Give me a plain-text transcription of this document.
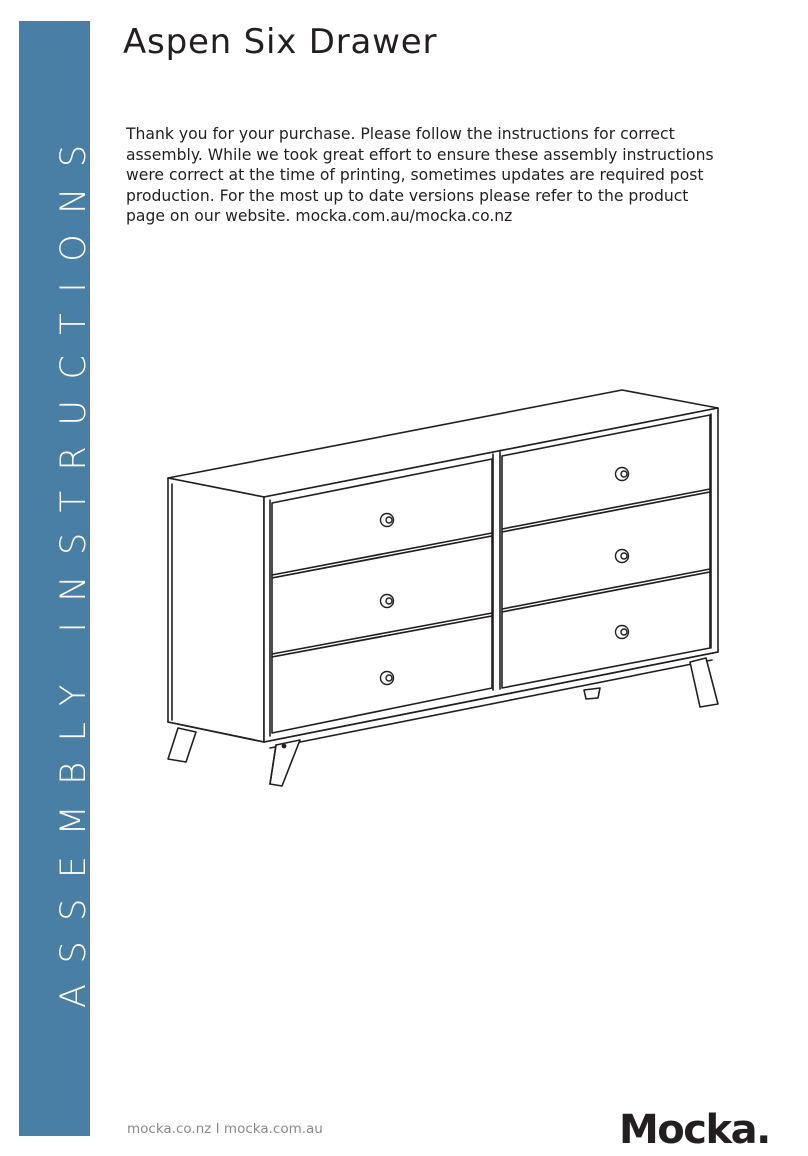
ASSEMBLY INSTRUCTIONS
Aspen Six Drawer
Thank you for your purchase. Please follow the instructions for correct
assembly. While we took great effort to ensure these assembly instructions
were correct at the time of printing, sometimes updates are required post
production. For the most up to date versions please refer to the product
page on our website. mocka.com.au/mocka.co.nz
mocka.co.nz I mocka.com.au	Mocka.
